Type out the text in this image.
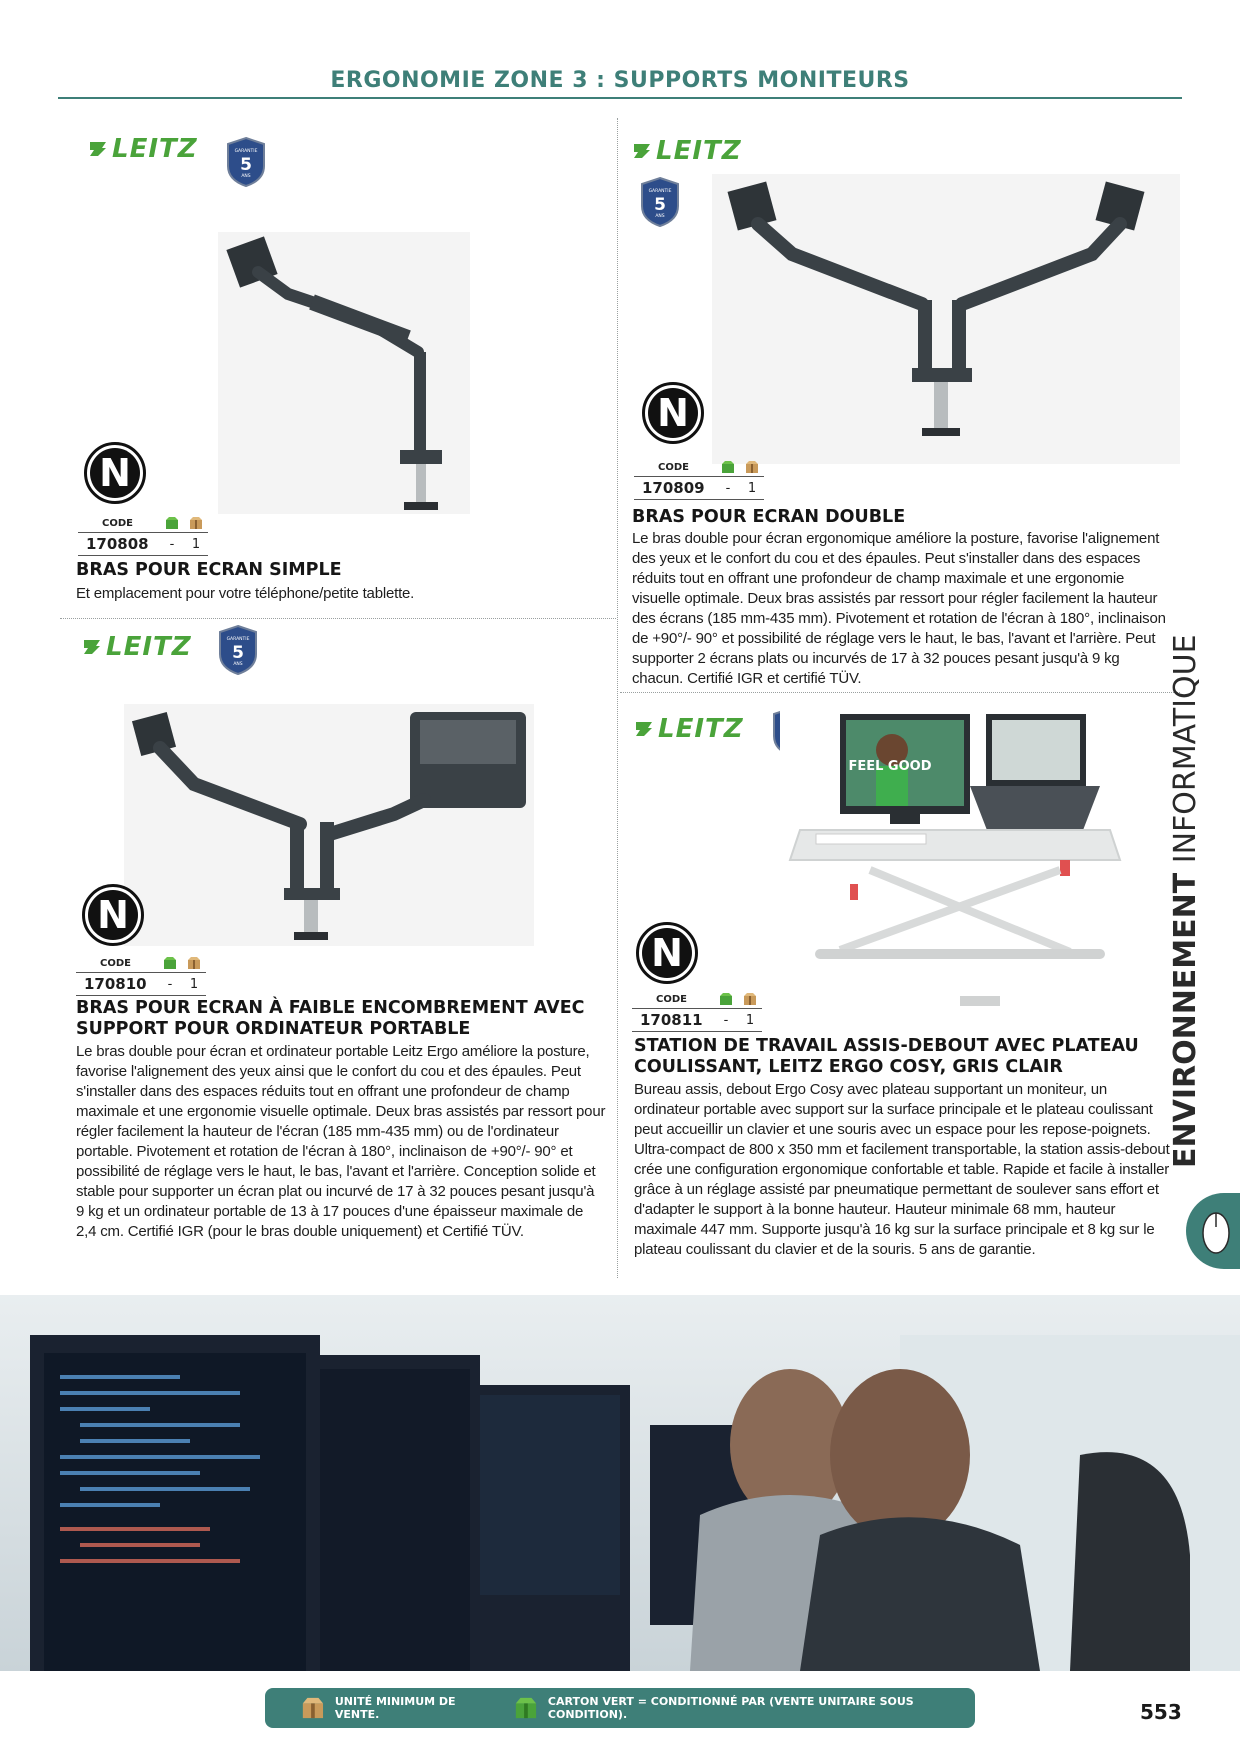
ERGONOMIE ZONE 3 : SUPPORTS MONITEURS
LEITZ	GARANTIE
5
ANS
N
CODE
170808	-	1
BRAS POUR ECRAN SIMPLE
Et emplacement pour votre téléphone/petite tablette.
LEITZ
GARANTIE
5
ANS
N
CODE
170809	-	1
BRAS POUR ECRAN DOUBLE
Le bras double pour écran ergonomique améliore la posture, favorise l'alignement des yeux et le confort du cou et des épaules. Peut s'installer dans des espaces réduits tout en offrant une profondeur de champ maximale et une ergonomie visuelle optimale. Deux bras assistés par ressort pour régler facilement la hauteur des écrans (185 mm-435 mm). Pivotement et rotation de l'écran à 180°, inclinaison de +90°/- 90° et possibilité de réglage vers le haut, le bas, l'avant et l'arrière. Peut supporter 2 écrans plats ou incurvés de 17 à 32 pouces pesant jusqu'à 9 kg chacun. Certifié IGR et certifié TÜV.
LEITZ	GARANTIE
5
ANS
N
CODE
170810	-	1
BRAS POUR ECRAN À FAIBLE ENCOMBREMENT AVEC SUPPORT POUR ORDINATEUR PORTABLE
Le bras double pour écran et ordinateur portable Leitz Ergo améliore la posture, favorise l'alignement des yeux ainsi que le confort du cou et des épaules. Peut s'installer dans des espaces réduits tout en offrant une profondeur de champ maximale et une ergonomie visuelle optimale. Deux bras assistés par ressort pour régler facilement la hauteur de l'écran (185 mm-435 mm) ou de l'ordinateur portable. Pivotement et rotation de l'écran à 180°, inclinaison de +90°/- 90° et possibilité de réglage vers le haut, le bas, l'avant et l'arrière. Conception solide et stable pour supporter un écran plat ou incurvé de 17 à 32 pouces pesant jusqu'à 9 kg et un ordinateur portable de 13 à 17 pouces d'une épaisseur maximale de 2,4 cm. Certifié IGR (pour le bras double uniquement) et Certifié TÜV.
LEITZ
FEEL GOOD
N
CODE
170811	-	1
STATION DE TRAVAIL ASSIS-DEBOUT AVEC PLATEAU COULISSANT, LEITZ ERGO COSY, GRIS CLAIR
Bureau assis, debout Ergo Cosy avec plateau supportant un moniteur, un ordinateur portable avec support sur la surface principale et le plateau coulissant peut accueillir un clavier et une souris avec un espace pour les repose-poignets. Ultra-compact de 800 x 350 mm et facilement transportable, la station assis-debout crée une configuration ergonomique confortable et table. Rapide et facile à installer grâce à un réglage assisté par pneumatique permettant de soulever sans effort et d'adapter le support à la bonne hauteur. Hauteur minimale 68 mm, hauteur maximale 447 mm. Supporte jusqu'à 16 kg sur la surface principale et 8 kg sur le plateau coulissant du clavier et de la souris. 5 ans de garantie.
ENVIRONNEMENT INFORMATIQUE
UNITÉ MINIMUM DE VENTE.
CARTON VERT = CONDITIONNÉ PAR (VENTE UNITAIRE SOUS CONDITION).	553
